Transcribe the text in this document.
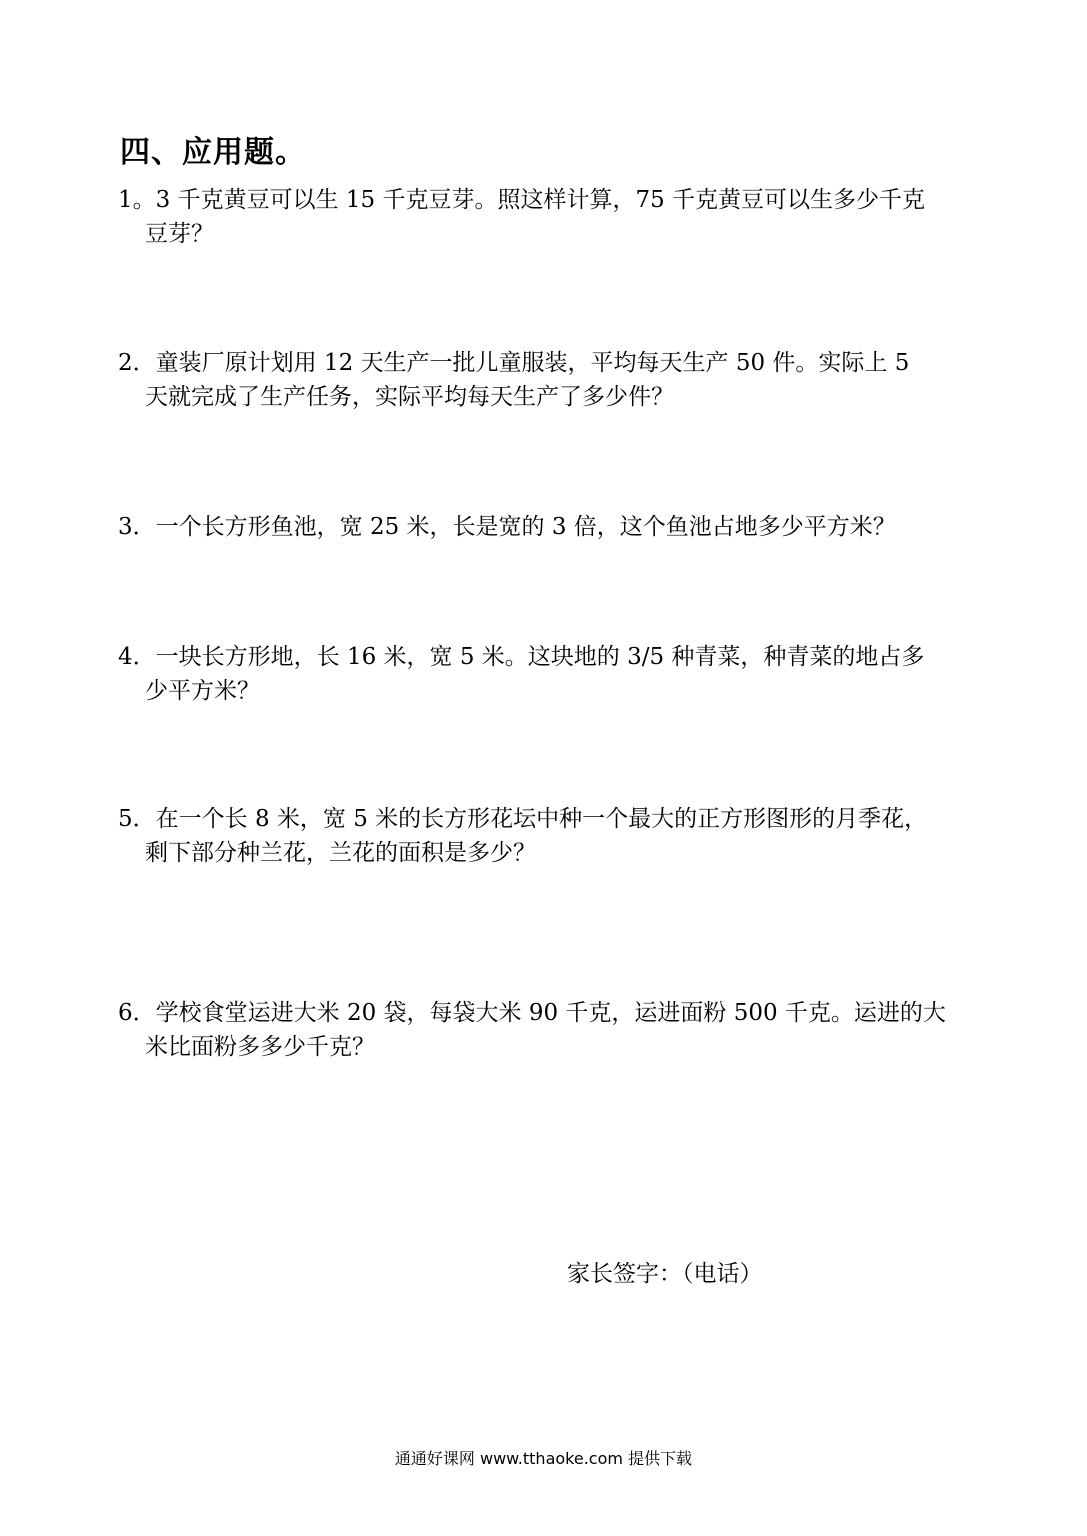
四、应用题。
1。3 千克黄豆可以生 15 千克豆芽。照这样计算，75 千克黄豆可以生多少千克
豆芽？
2．童装厂原计划用 12 天生产一批儿童服装，平均每天生产 50 件。实际上 5
天就完成了生产任务，实际平均每天生产了多少件？
3．一个长方形鱼池，宽 25 米，长是宽的 3 倍，这个鱼池占地多少平方米？
4．一块长方形地，长 16 米，宽 5 米。这块地的 3/5 种青菜，种青菜的地占多
少平方米？
5．在一个长 8 米，宽 5 米的长方形花坛中种一个最大的正方形图形的月季花，
剩下部分种兰花，兰花的面积是多少？
6．学校食堂运进大米 20 袋，每袋大米 90 千克，运进面粉 500 千克。运进的大
米比面粉多多少千克？
家长签字：（电话）
通通好课网 www.tthaoke.com 提供下载
